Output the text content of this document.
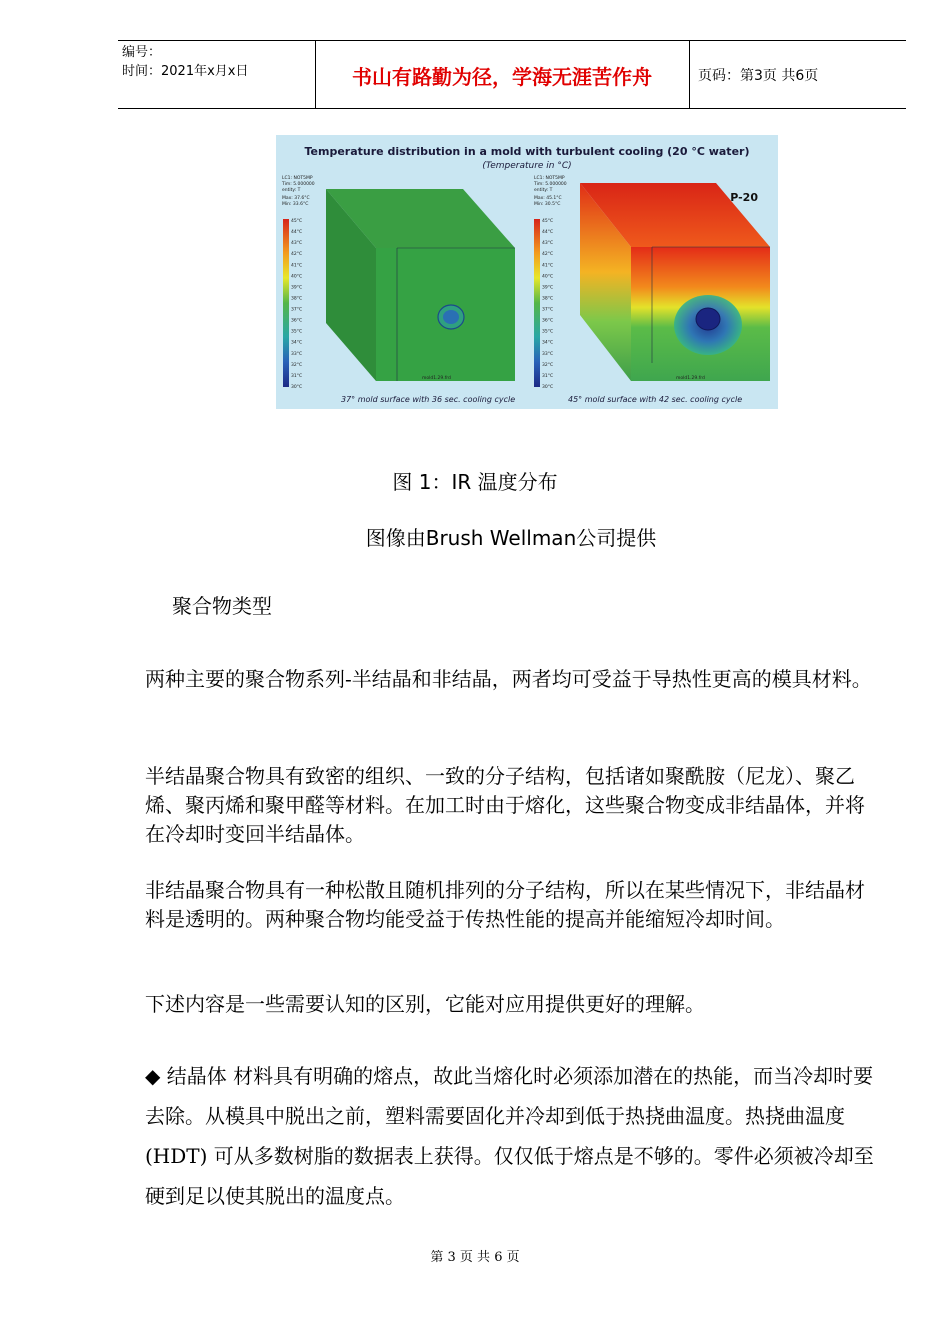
编号：
时间：2021年x月x日	书山有路勤为径，学海无涯苦作舟	页码：第3页 共6页
Temperature distribution in a mold with turbulent cooling (20 °C water)
(Temperature in °C)
LC1: NOT5MP
Tim: 5.000000
entity: T
Max: 37.6°C
Min: 33.6°C
45°C
44°C
43°C
42°C
41°C
40°C
39°C
38°C
37°C
36°C
35°C
34°C
33°C
32°C
31°C
30°C
mold1.29.frd
37° mold surface with 36 sec. cooling cycle
LC1: NOT5MP
Tim: 5.000000
entity: T
Max: 45.1°C
Min: 30.5°C
45°C
44°C
43°C
42°C
41°C
40°C
39°C
38°C
37°C
36°C
35°C
34°C
33°C
32°C
31°C
30°C
P-20
mold1.29.frd
45° mold surface with 42 sec. cooling cycle
图 1：IR 温度分布
图像由Brush Wellman公司提供
聚合物类型
两种主要的聚合物系列-半结晶和非结晶，两者均可受益于导热性更高的模具材料。
半结晶聚合物具有致密的组织、一致的分子结构，包括诸如聚酰胺（尼龙）、聚乙烯、聚丙烯和聚甲醛等材料。在加工时由于熔化，这些聚合物变成非结晶体，并将在冷却时变回半结晶体。
非结晶聚合物具有一种松散且随机排列的分子结构，所以在某些情况下，非结晶材料是透明的。两种聚合物均能受益于传热性能的提高并能缩短冷却时间。
下述内容是一些需要认知的区别，它能对应用提供更好的理解。
◆ 结晶体 材料具有明确的熔点，故此当熔化时必须添加潜在的热能，而当冷却时要去除。从模具中脱出之前，塑料需要固化并冷却到低于热挠曲温度。热挠曲温度(HDT) 可从多数树脂的数据表上获得。仅仅低于熔点是不够的。零件必须被冷却至硬到足以使其脱出的温度点。
第 3 页 共 6 页
